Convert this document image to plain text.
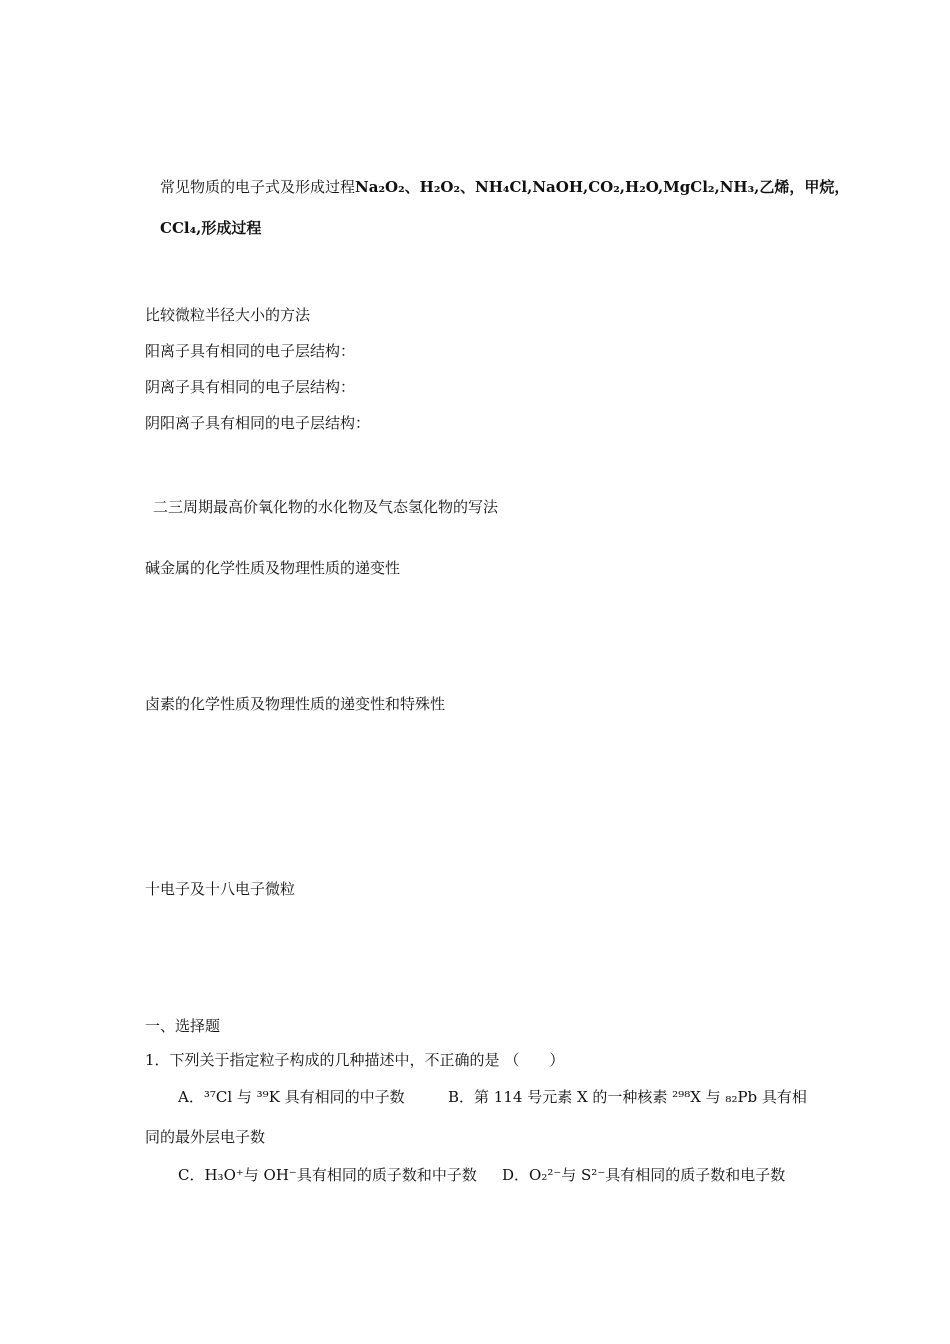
常见物质的电子式及形成过程Na₂O₂、H₂O₂、NH₄Cl,NaOH,CO₂,H₂O,MgCl₂,NH₃,乙烯，甲烷，
CCl₄,形成过程
比较微粒半径大小的方法
阳离子具有相同的电子层结构：
阴离子具有相同的电子层结构：
阴阳离子具有相同的电子层结构：
二三周期最高价氧化物的水化物及气态氢化物的写法
碱金属的化学性质及物理性质的递变性
卤素的化学性质及物理性质的递变性和特殊性
十电子及十八电子微粒
一、选择题
1．下列关于指定粒子构成的几种描述中，不正确的是 （　　）
A．³⁷Cl 与 ³⁹K 具有相同的中子数	B．第 114 号元素 X 的一种核素 ²⁹⁸X 与 ₈₂Pb 具有相
同的最外层电子数
C．H₃O⁺与 OH⁻具有相同的质子数和中子数 D．O₂²⁻与 S²⁻具有相同的质子数和电子数
